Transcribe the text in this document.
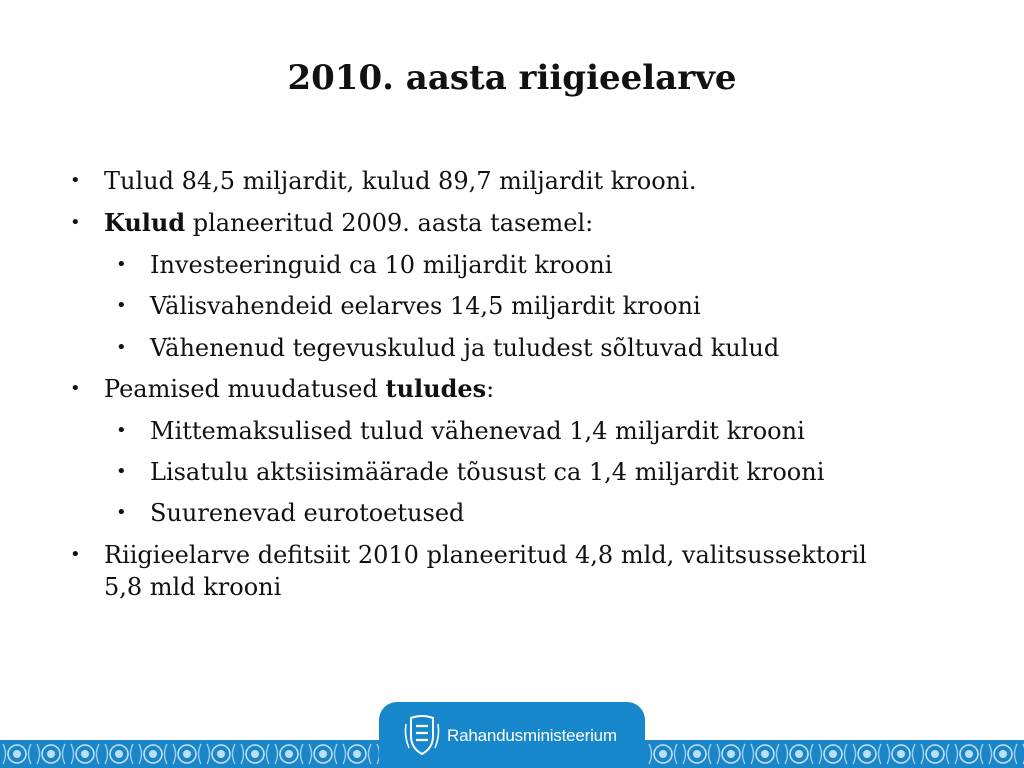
2010. aasta riigieelarve
• Tulud 84,5 miljardit, kulud 89,7 miljardit krooni.
• Kulud planeeritud 2009. aasta tasemel:
• Investeeringuid ca 10 miljardit krooni
• Välisvahendeid eelarves 14,5 miljardit krooni
• Vähenenud tegevuskulud ja tuludest sõltuvad kulud
• Peamised muudatused tuludes:
• Mittemaksulised tulud vähenevad 1,4 miljardit krooni
• Lisatulu aktsiisimäärade tõusust ca 1,4 miljardit krooni
• Suurenevad eurotoetused
• Riigieelarve defitsiit 2010 planeeritud 4,8 mld, valitsussektoril
5,8 mld krooni
Rahandusministeerium
